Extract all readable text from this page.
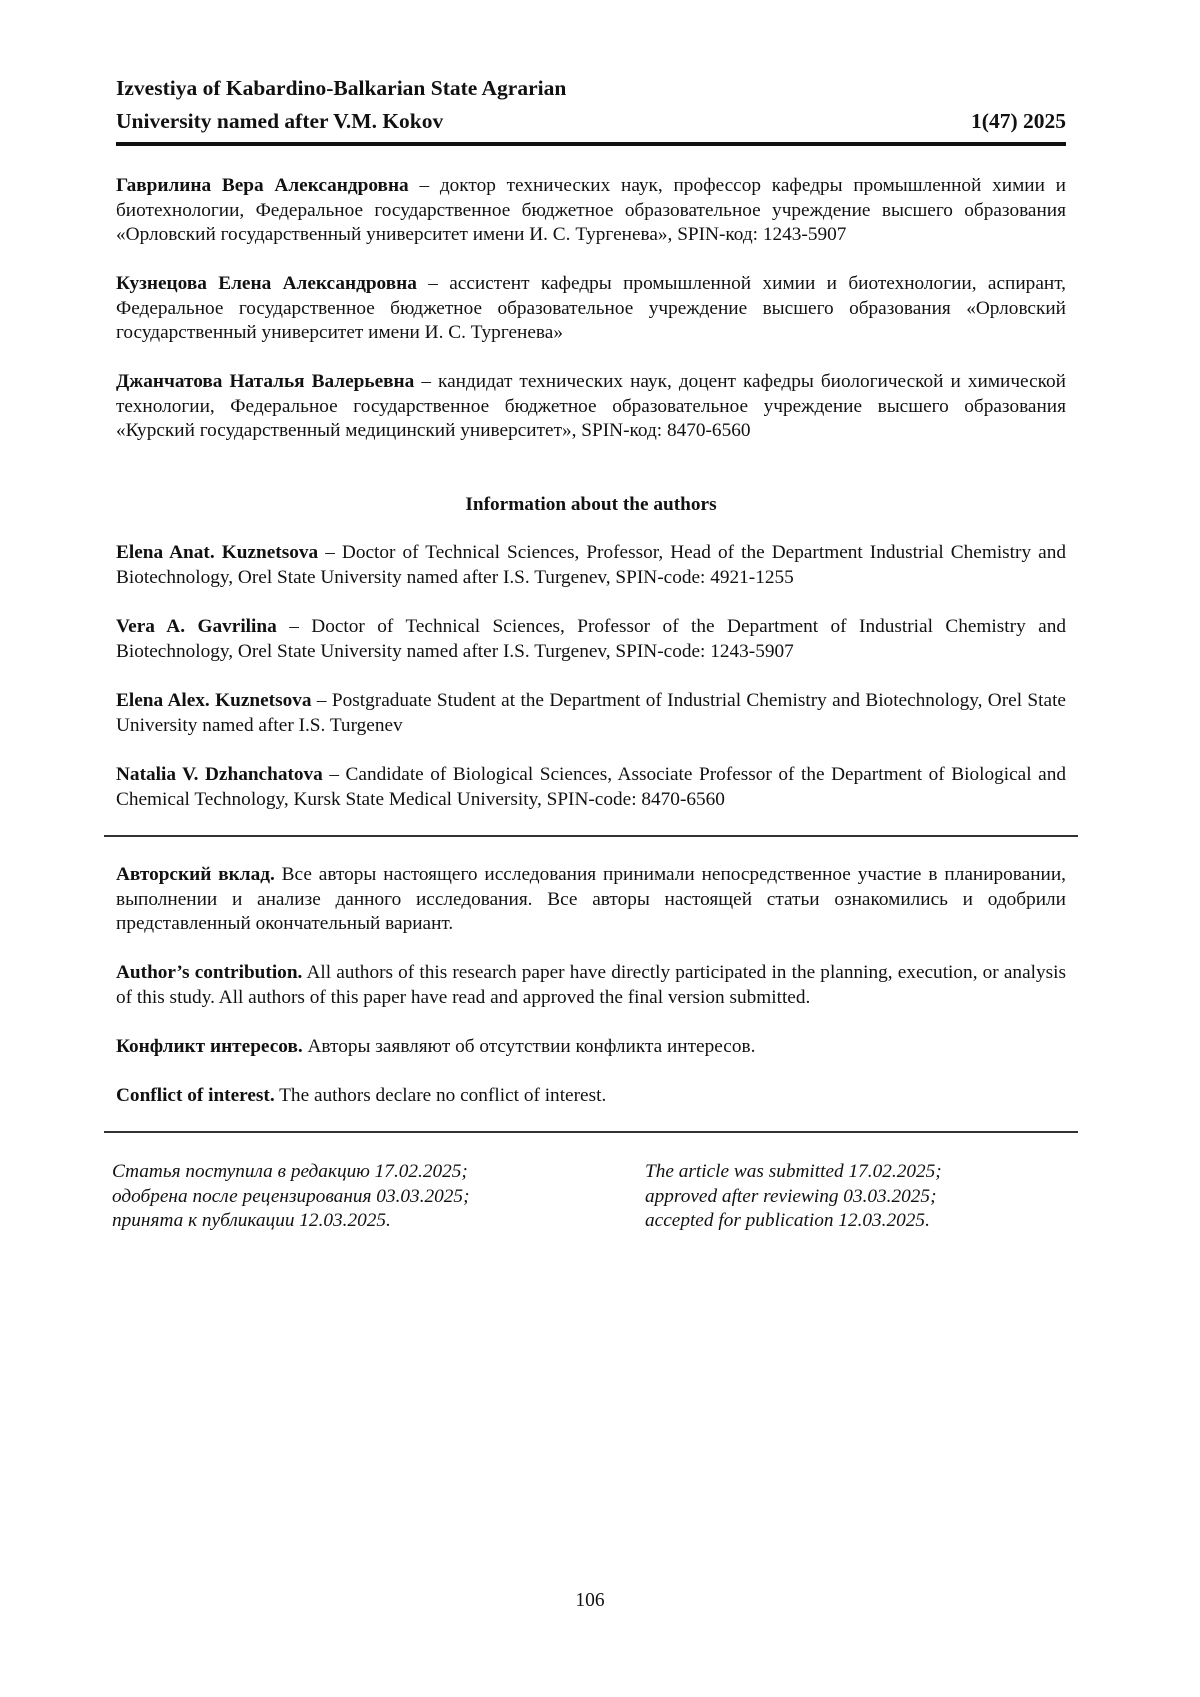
Izvestiya of Kabardino-Balkarian State Agrarian
University named after V.M. Kokov	1(47) 2025
Гаврилина Вера Александровна – доктор технических наук, профессор кафедры промышленной химии и биотехнологии, Федеральное государственное бюджетное образовательное учреждение высшего образования «Орловский государственный университет имени И. С. Тургенева», SPIN-код: 1243-5907
Кузнецова Елена Александровна – ассистент кафедры промышленной химии и биотехнологии, аспирант, Федеральное государственное бюджетное образовательное учреждение высшего образования «Орловский государственный университет имени И. С. Тургенева»
Джанчатова Наталья Валерьевна – кандидат технических наук, доцент кафедры биологической и химической технологии, Федеральное государственное бюджетное образовательное учреждение высшего образования «Курский государственный медицинский университет», SPIN-код: 8470-6560
Information about the authors
Elena Anat. Kuznetsova – Doctor of Technical Sciences, Professor, Head of the Department Industrial Chemistry and Biotechnology, Orel State University named after I.S. Turgenev, SPIN-code: 4921-1255
Vera A. Gavrilina – Doctor of Technical Sciences, Professor of the Department of Industrial Chemistry and Biotechnology, Orel State University named after I.S. Turgenev, SPIN-code: 1243-5907
Elena Alex. Kuznetsova – Postgraduate Student at the Department of Industrial Chemistry and Biotechnology, Orel State University named after I.S. Turgenev
Natalia V. Dzhanchatova – Candidate of Biological Sciences, Associate Professor of the Department of Biological and Chemical Technology, Kursk State Medical University, SPIN-code: 8470-6560
Авторский вклад. Все авторы настоящего исследования принимали непосредственное участие в планировании, выполнении и анализе данного исследования. Все авторы настоящей статьи ознакомились и одобрили представленный окончательный вариант.
Author’s contribution. All authors of this research paper have directly participated in the planning, execution, or analysis of this study. All authors of this paper have read and approved the final version submitted.
Конфликт интересов. Авторы заявляют об отсутствии конфликта интересов.
Conflict of interest. The authors declare no conflict of interest.
Статья поступила в редакцию 17.02.2025;
одобрена после рецензирования 03.03.2025;
принята к публикации 12.03.2025.
The article was submitted 17.02.2025;
approved after reviewing 03.03.2025;
accepted for publication 12.03.2025.
106
